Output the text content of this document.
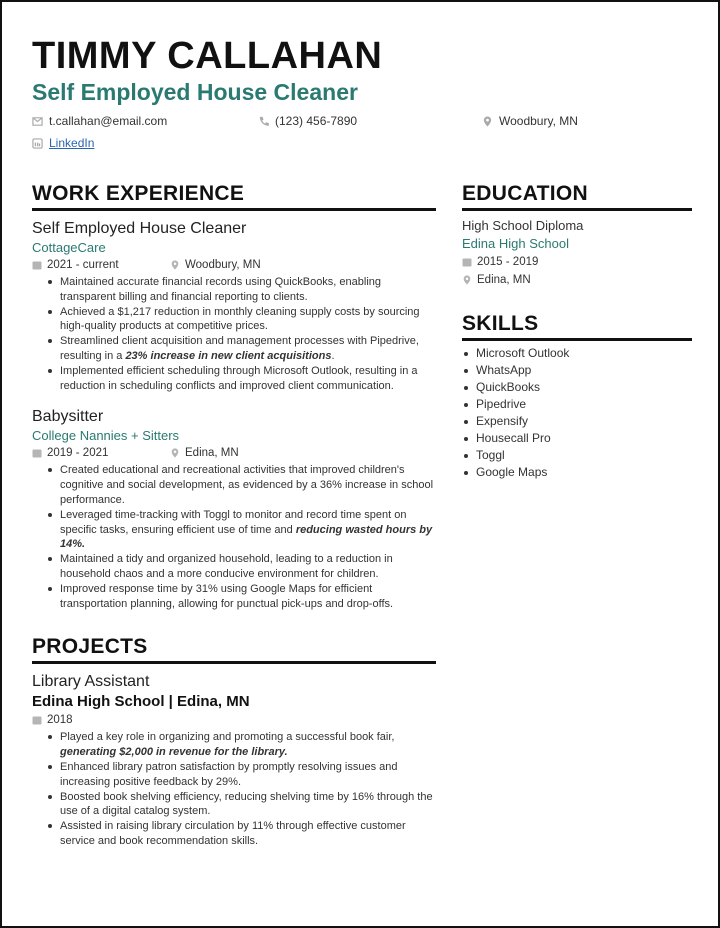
TIMMY CALLAHAN
Self Employed House Cleaner
t.callahan@email.com	(123) 456-7890	Woodbury, MN
LinkedIn
WORK EXPERIENCE
Self Employed House Cleaner
CottageCare
2021 - current	Woodbury, MN
Maintained accurate financial records using QuickBooks, enabling transparent billing and financial reporting to clients.
Achieved a $1,217 reduction in monthly cleaning supply costs by sourcing high-quality products at competitive prices.
Streamlined client acquisition and management processes with Pipedrive, resulting in a 23% increase in new client acquisitions.
Implemented efficient scheduling through Microsoft Outlook, resulting in a reduction in scheduling conflicts and improved client communication.
Babysitter
College Nannies + Sitters
2019 - 2021	Edina, MN
Created educational and recreational activities that improved children's cognitive and social development, as evidenced by a 36% increase in school performance.
Leveraged time-tracking with Toggl to monitor and record time spent on specific tasks, ensuring efficient use of time and reducing wasted hours by 14%.
Maintained a tidy and organized household, leading to a reduction in household chaos and a more conducive environment for children.
Improved response time by 31% using Google Maps for efficient transportation planning, allowing for punctual pick-ups and drop-offs.
PROJECTS
Library Assistant
Edina High School | Edina, MN
2018
Played a key role in organizing and promoting a successful book fair, generating $2,000 in revenue for the library.
Enhanced library patron satisfaction by promptly resolving issues and increasing positive feedback by 29%.
Boosted book shelving efficiency, reducing shelving time by 16% through the use of a digital catalog system.
Assisted in raising library circulation by 11% through effective customer service and book recommendation skills.
EDUCATION
High School Diploma
Edina High School
2015 - 2019
Edina, MN
SKILLS
Microsoft Outlook
WhatsApp
QuickBooks
Pipedrive
Expensify
Housecall Pro
Toggl
Google Maps
